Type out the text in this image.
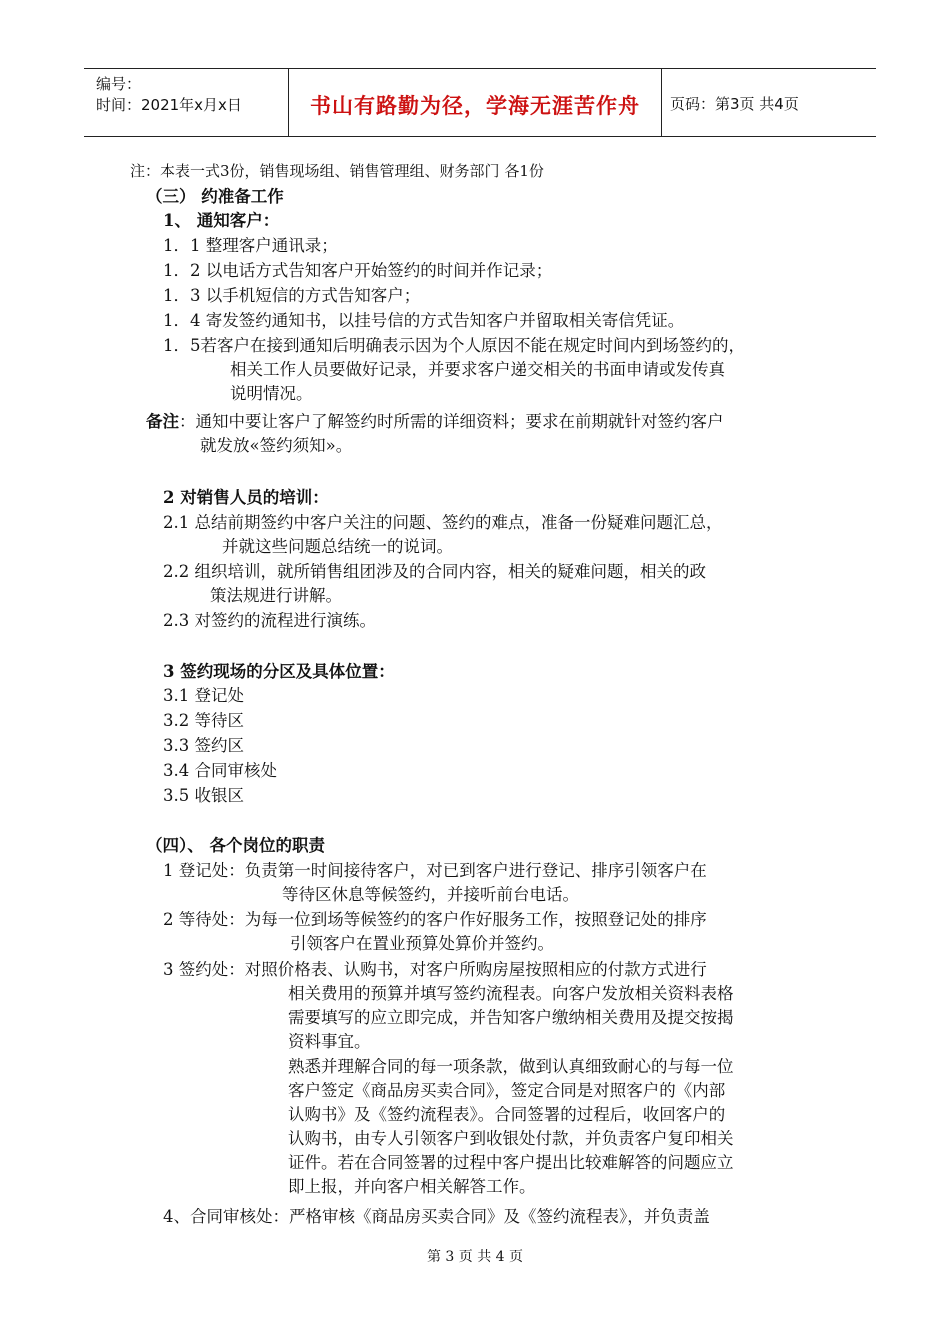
编号：
时间：2021年x月x日	书山有路勤为径，学海无涯苦作舟	页码：第3页 共4页
注：本表一式3份，销售现场组、销售管理组、财务部门 各1份
（三） 约准备工作
1、 通知客户：
1．1 整理客户通讯录；
1．2 以电话方式告知客户开始签约的时间并作记录；
1．3 以手机短信的方式告知客户；
1．4 寄发签约通知书，以挂号信的方式告知客户并留取相关寄信凭证。
1．5若客户在接到通知后明确表示因为个人原因不能在规定时间内到场签约的，
相关工作人员要做好记录，并要求客户递交相关的书面申请或发传真
说明情况。
备注：通知中要让客户了解签约时所需的详细资料；要求在前期就针对签约客户
就发放«签约须知»。
2 对销售人员的培训：
2.1 总结前期签约中客户关注的问题、签约的难点，准备一份疑难问题汇总，
并就这些问题总结统一的说词。
2.2 组织培训，就所销售组团涉及的合同内容，相关的疑难问题，相关的政
策法规进行讲解。
2.3 对签约的流程进行演练。
3 签约现场的分区及具体位置：
3.1 登记处
3.2 等待区
3.3 签约区
3.4 合同审核处
3.5 收银区
（四）、 各个岗位的职责
1 登记处：负责第一时间接待客户，对已到客户进行登记、排序引领客户在
等待区休息等候签约，并接听前台电话。
2 等待处：为每一位到场等候签约的客户作好服务工作，按照登记处的排序
引领客户在置业预算处算价并签约。
3 签约处：对照价格表、认购书，对客户所购房屋按照相应的付款方式进行
相关费用的预算并填写签约流程表。向客户发放相关资料表格
需要填写的应立即完成，并告知客户缴纳相关费用及提交按揭
资料事宜。
熟悉并理解合同的每一项条款，做到认真细致耐心的与每一位
客户签定《商品房买卖合同》，签定合同是对照客户的《内部
认购书》及《签约流程表》。合同签署的过程后，收回客户的
认购书，由专人引领客户到收银处付款，并负责客户复印相关
证件。若在合同签署的过程中客户提出比较难解答的问题应立
即上报，并向客户相关解答工作。
4、合同审核处：严格审核《商品房买卖合同》及《签约流程表》，并负责盖
第 3 页 共 4 页
